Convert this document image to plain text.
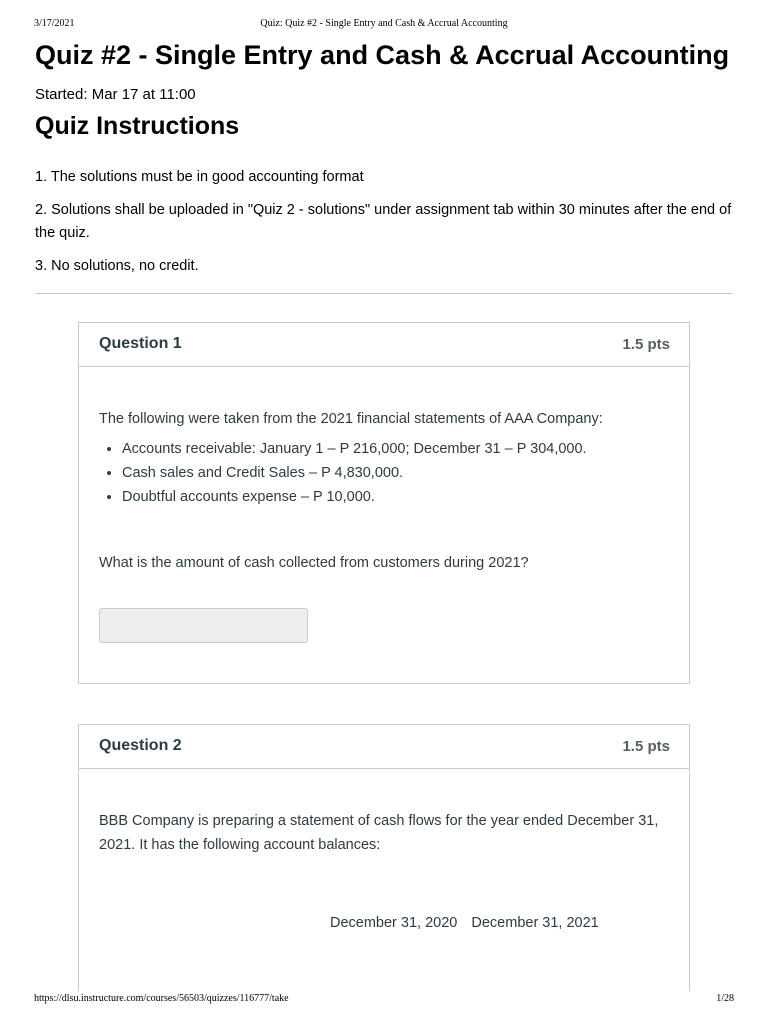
3/17/2021	Quiz: Quiz #2 - Single Entry and Cash & Accrual Accounting
Quiz #2 - Single Entry and Cash & Accrual Accounting
Started: Mar 17 at 11:00
Quiz Instructions

1. The solutions must be in good accounting format

2. Solutions shall be uploaded in "Quiz 2 - solutions" under assignment tab within 30 minutes after the end of the quiz.

3. No solutions, no credit.

Question 1	1.5 pts

The following were taken from the 2021 financial statements of AAA Company:

• Accounts receivable: January 1 – P 216,000; December 31 – P 304,000.
• Cash sales and Credit Sales – P 4,830,000.
• Doubtful accounts expense – P 10,000.

What is the amount of cash collected from customers during 2021?

Question 2	1.5 pts

BBB Company is preparing a statement of cash flows for the year ended December 31, 2021. It has the following account balances:

December 31, 2020 December 31, 2021
https://dlsu.instructure.com/courses/56503/quizzes/116777/take	1/28
